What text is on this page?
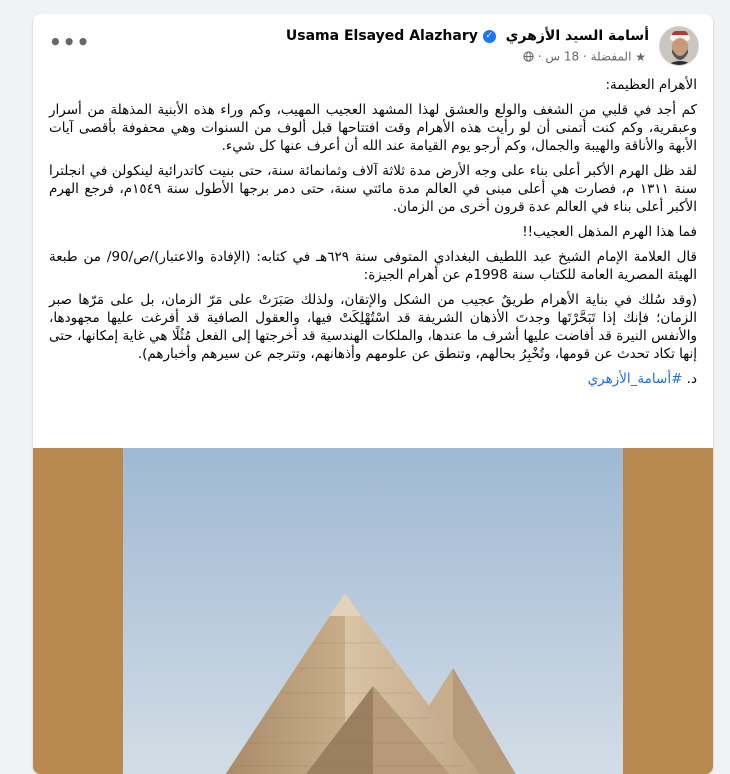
أسامة السيد الأزهري ✓ Usama Elsayed Alazhary
★ المفضلة · 18 س ·
•••

الأهرام العظيمة:

كم أجد في قلبي من الشغف والولع والعشق لهذا المشهد العجيب المهيب، وكم وراء هذه الأبنية المذهلة من أسرار وعبقرية، وكم كنت أتمنى أن لو رأيت هذه الأهرام وقت افتتاحها قبل ألوف من السنوات وهي محفوفة بأقصى آيات الأبهة والأناقة والهيبة والجمال، وكم أرجو يوم القيامة عند الله أن أعرف عنها كل شيء.

لقد ظل الهرم الأكبر أعلى بناء على وجه الأرض مدة ثلاثة آلاف وثمانمائة سنة، حتى بنيت كاتدرائية لينكولن في انجلترا سنة ١٣١١ م، فصارت هي أعلى مبنى في العالم مدة مائتي سنة، حتى دمر برجها الأطول سنة ١٥٤٩م، فرجع الهرم الأكبر أعلى بناء في العالم عدة قرون أخرى من الزمان.

فما هذا الهرم المذهل العجيب!!

قال العلامة الإمام الشيخ عبد اللطيف البغدادي المتوفى سنة ٦٢٩هـ في كتابه: (الإفادة والاعتبار)/ص/90/ من طبعة الهيئة المصرية العامة للكتاب سنة 1998م عن أهرام الجيزة:

(وقد سُلك في بناية الأهرام طريقٌ عجيب من الشكل والإتقان، ولذلك صَبَرَتْ على مَرّ الزمان، بل على مَرّها صبر الزمان؛ فإنك إذا تَبَحَّرْتَها وجدتَ الأذهان الشريفة قد اسْتُهْلِكَتْ فيها، والعقول الصافية قد أفرغت عليها مجهودها، والأنفس النيرة قد أفاضت عليها أشرف ما عندها، والملكات الهندسية قد أخرجتها إلى الفعل مُثُلًا هي غاية إمكانها، حتى إنها تكاد تحدث عن قومها، وتُخْبِرُ بحالهم، وتنطق عن علومهم وأذهانهم، وتترجم عن سيرهم وأخبارهم).

د. #أسامة_الأزهري
